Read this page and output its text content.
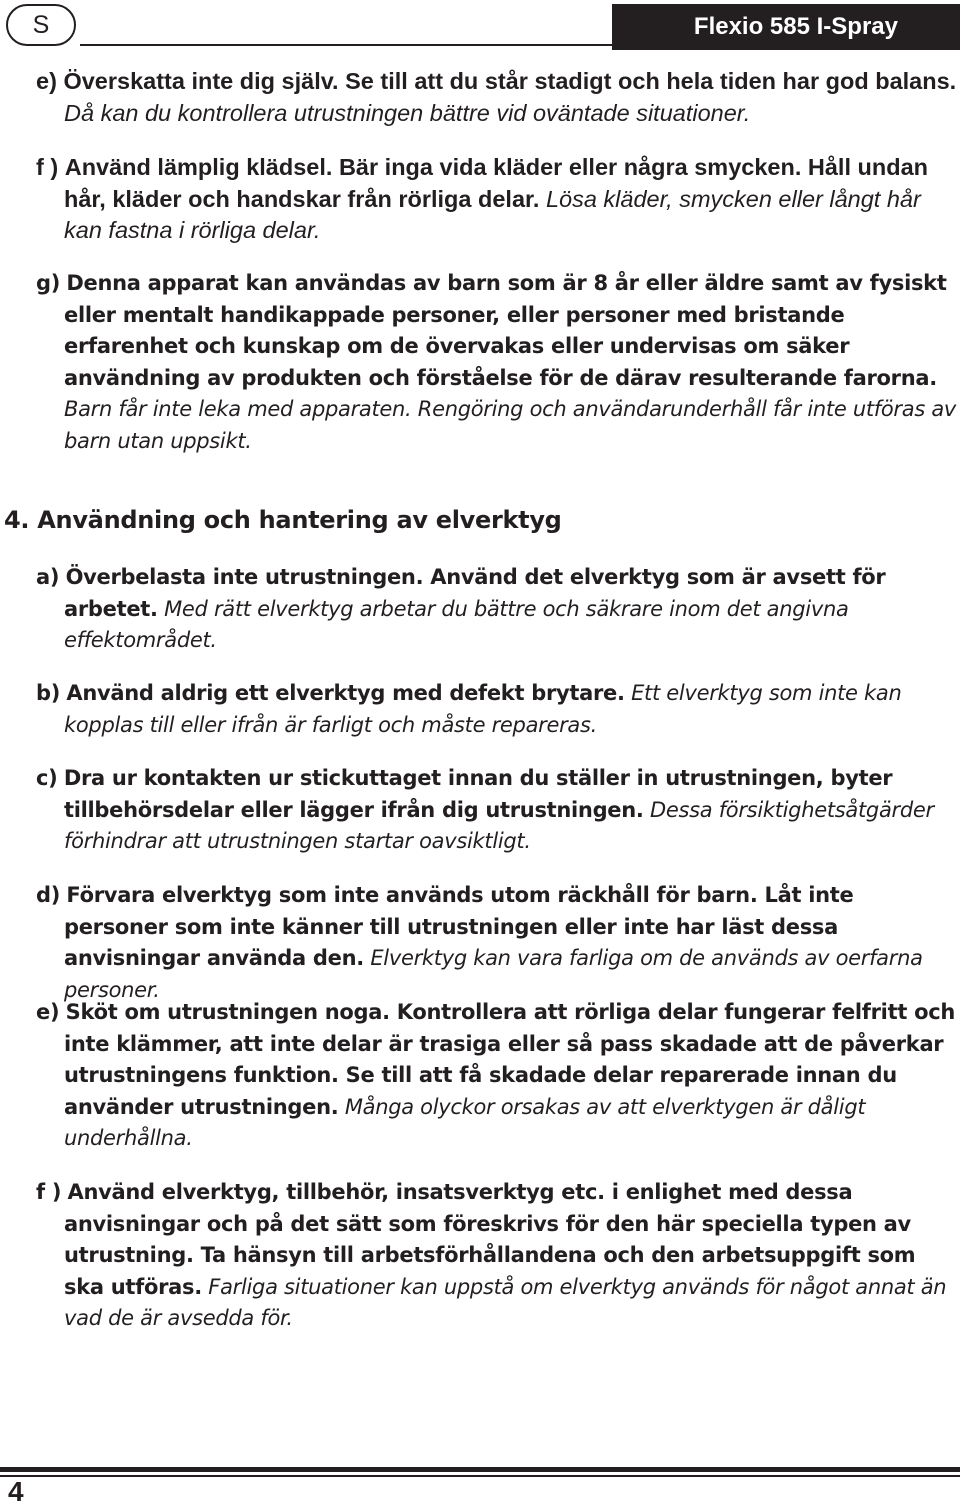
S	Flexio 585 I-Spray
e) Överskatta inte dig själv. Se till att du står stadigt och hela tiden har god balans. Då kan du kontrollera utrustningen bättre vid oväntade situationer.
f ) Använd lämplig klädsel. Bär inga vida kläder eller några smycken. Håll undan hår, kläder och handskar från rörliga delar. Lösa kläder, smycken eller långt hår kan fastna i rörliga delar.
g) Denna apparat kan användas av barn som är 8 år eller äldre samt av fysiskt eller mentalt handikappade personer, eller personer med bristande erfarenhet och kunskap om de övervakas eller undervisas om säker användning av produkten och förståelse för de därav resulterande farorna. Barn får inte leka med apparaten. Rengöring och användarunderhåll får inte utföras av barn utan uppsikt.
4. Användning och hantering av elverktyg
a) Överbelasta inte utrustningen. Använd det elverktyg som är avsett för arbetet. Med rätt elverktyg arbetar du bättre och säkrare inom det angivna effektområdet.
b) Använd aldrig ett elverktyg med defekt brytare. Ett elverktyg som inte kan kopplas till eller ifrån är farligt och måste repareras.
c) Dra ur kontakten ur stickuttaget innan du ställer in utrustningen, byter tillbehörsdelar eller lägger ifrån dig utrustningen. Dessa försiktighetsåtgärder förhindrar att utrustningen startar oavsiktligt.
d) Förvara elverktyg som inte används utom räckhåll för barn. Låt inte personer som inte känner till utrustningen eller inte har läst dessa anvisningar använda den. Elverktyg kan vara farliga om de används av oerfarna personer.
e) Sköt om utrustningen noga. Kontrollera att rörliga delar fungerar felfritt och inte klämmer, att inte delar är trasiga eller så pass skadade att de påverkar utrustningens funktion. Se till att få skadade delar reparerade innan du använder utrustningen. Många olyckor orsakas av att elverktygen är dåligt underhållna.
f ) Använd elverktyg, tillbehör, insatsverktyg etc. i enlighet med dessa anvisningar och på det sätt som föreskrivs för den här speciella typen av utrustning. Ta hänsyn till arbetsförhållandena och den arbetsuppgift som ska utföras. Farliga situationer kan uppstå om elverktyg används för något annat än vad de är avsedda för.
4
